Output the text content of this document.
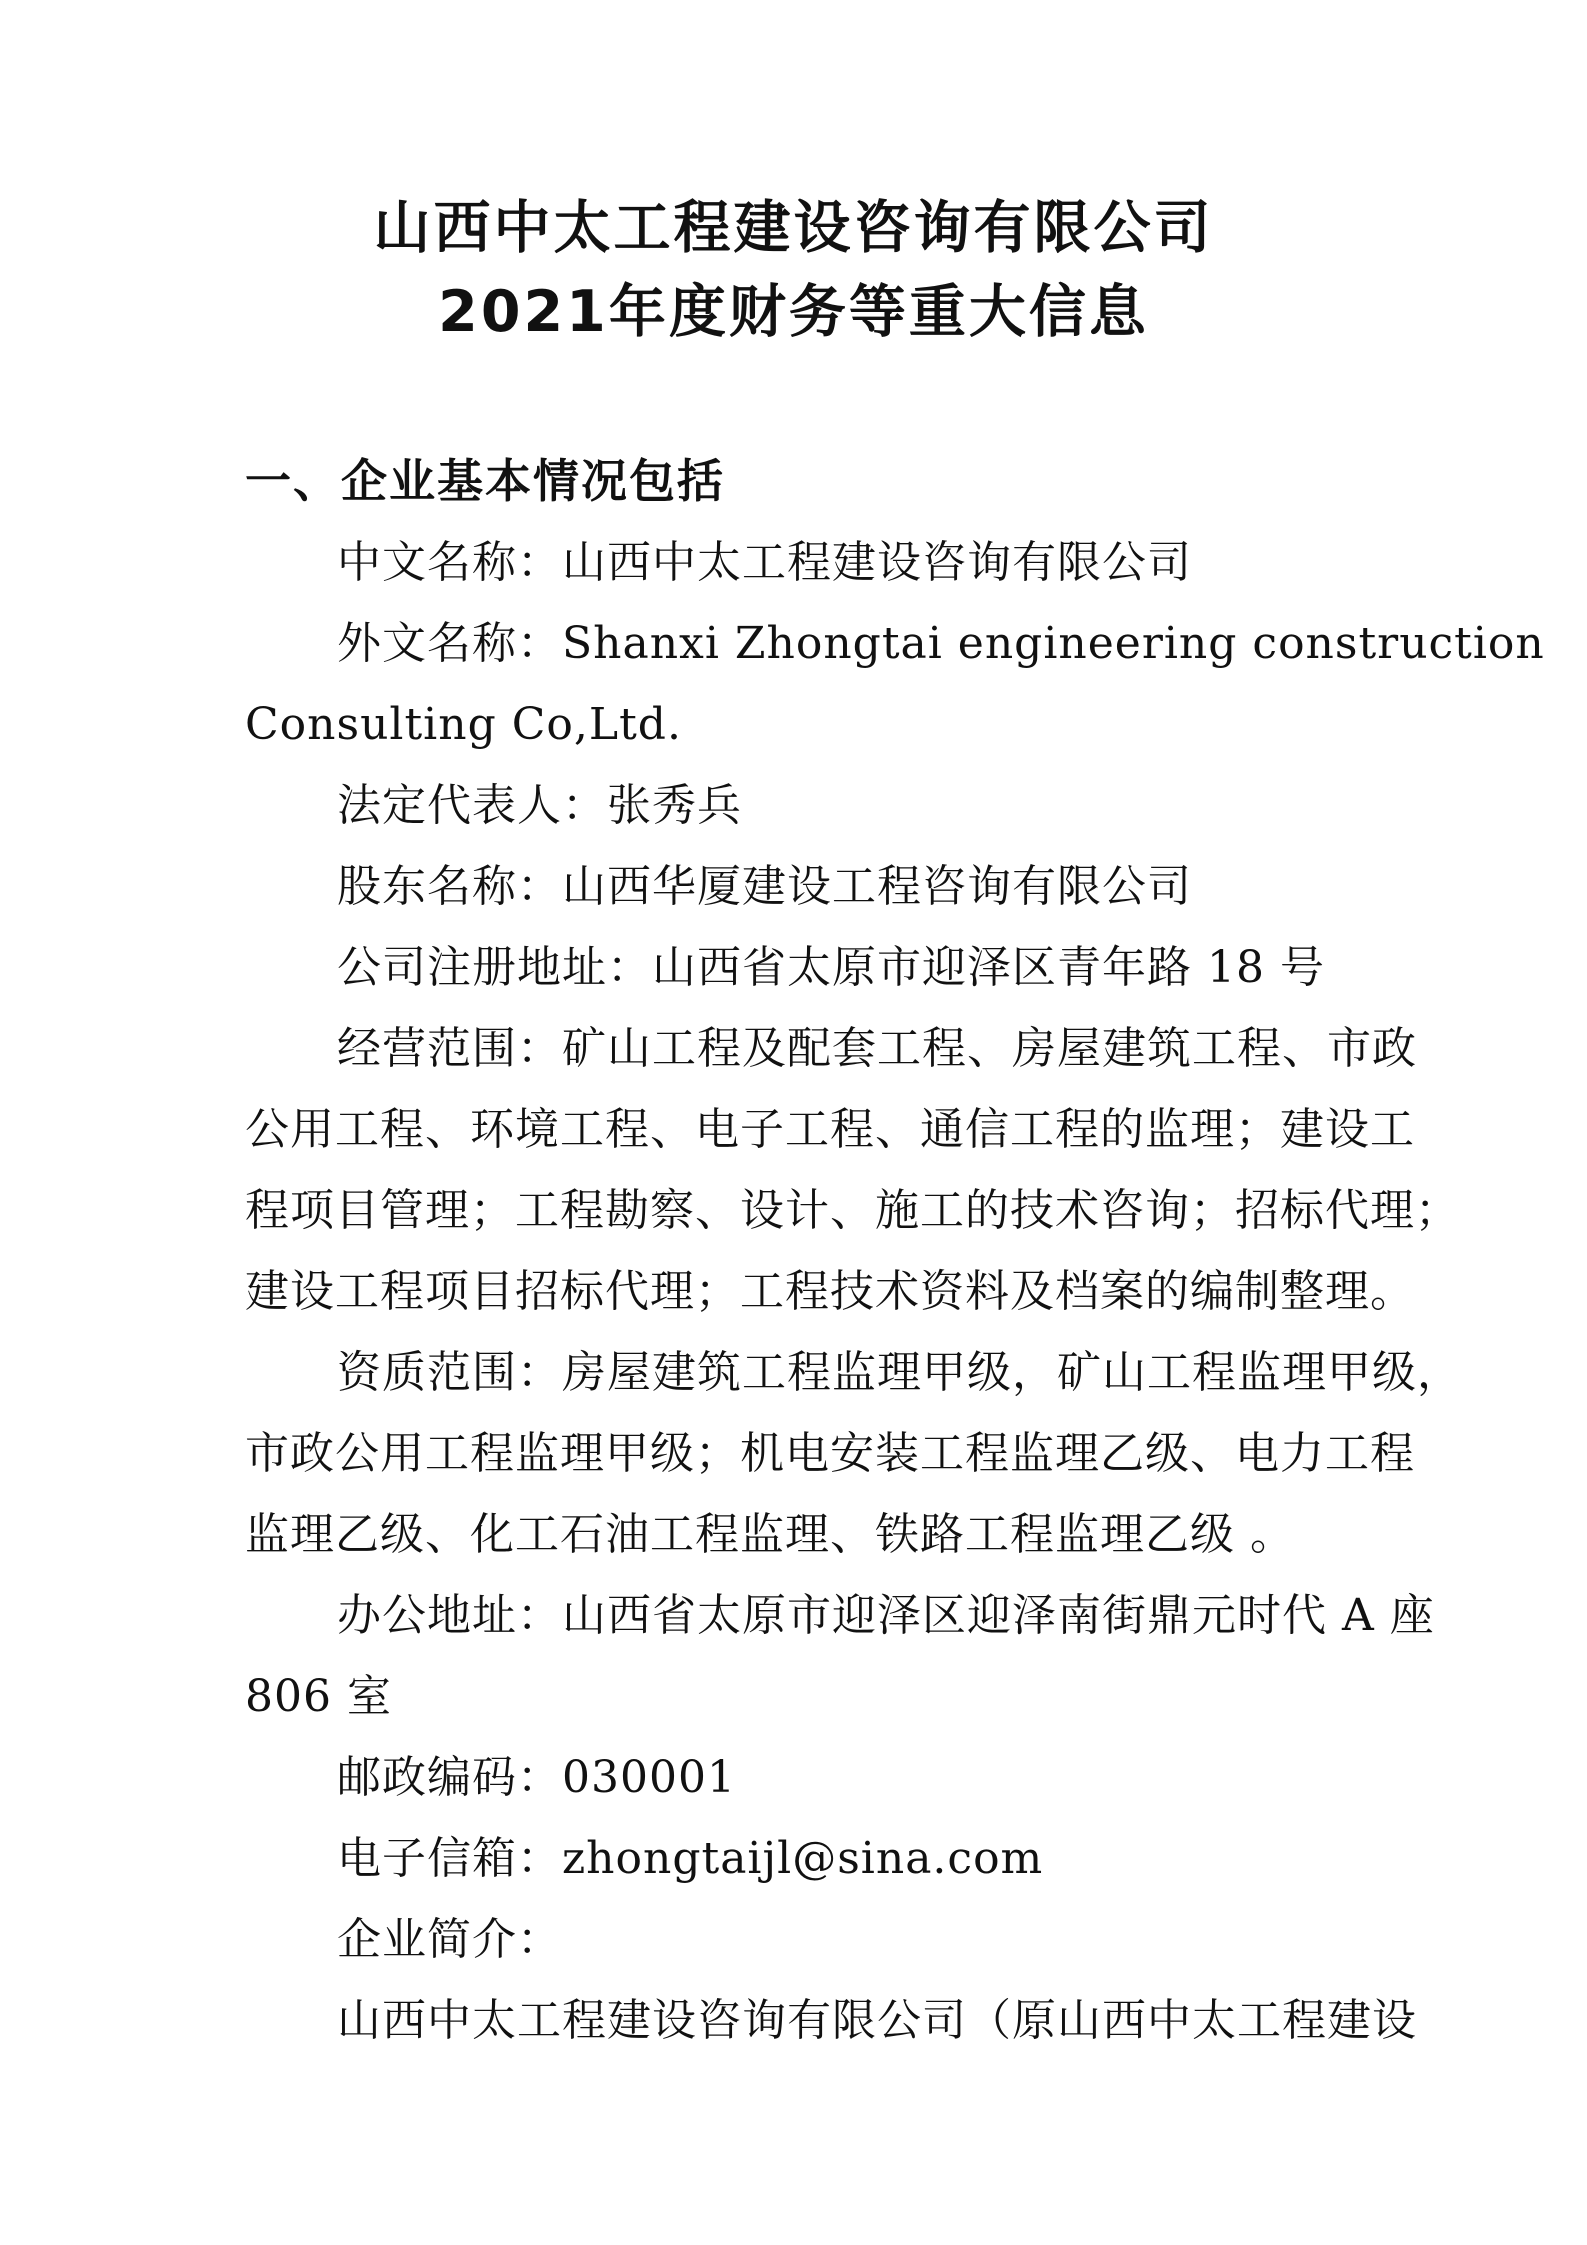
山西中太工程建设咨询有限公司
2021年度财务等重大信息
一、企业基本情况包括
中文名称：山西中太工程建设咨询有限公司
外文名称：Shanxi Zhongtai engineering construction
Consulting Co,Ltd.
法定代表人：张秀兵
股东名称：山西华厦建设工程咨询有限公司
公司注册地址：山西省太原市迎泽区青年路 18 号
经营范围：矿山工程及配套工程、房屋建筑工程、市政
公用工程、环境工程、电子工程、通信工程的监理；建设工
程项目管理；工程勘察、设计、施工的技术咨询；招标代理；
建设工程项目招标代理；工程技术资料及档案的编制整理。
资质范围：房屋建筑工程监理甲级，矿山工程监理甲级，
市政公用工程监理甲级；机电安装工程监理乙级、电力工程
监理乙级、化工石油工程监理、铁路工程监理乙级 。
办公地址：山西省太原市迎泽区迎泽南街鼎元时代 A 座
806 室
邮政编码：030001
电子信箱：zhongtaijl@sina.com
企业简介：
山西中太工程建设咨询有限公司（原山西中太工程建设
